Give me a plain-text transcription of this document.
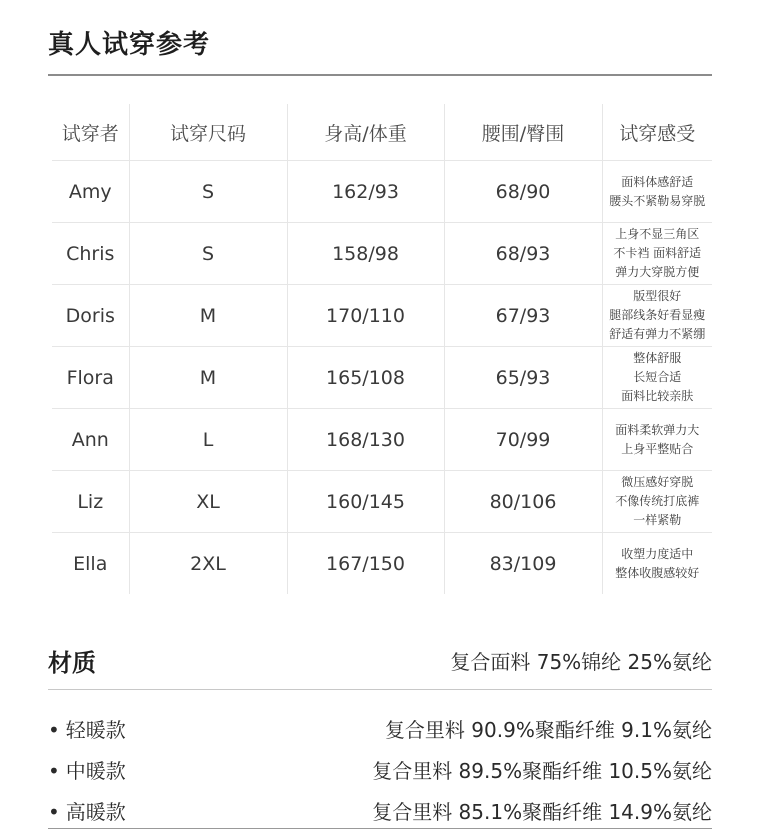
真人试穿参考
试穿者	试穿尺码	身高/体重	腰围/臀围	试穿感受
Amy	S	162/93	68/90	面料体感舒适
腰头不紧勒易穿脱

Chris	S	158/98	68/93	上身不显三角区
不卡裆 面料舒适
弹力大穿脱方便

Doris	M	170/110	67/93	版型很好
腿部线条好看显瘦
舒适有弹力不紧绷

Flora	M	165/108	65/93	整体舒服
长短合适
面料比较亲肤

Ann	L	168/130	70/99	面料柔软弹力大
上身平整贴合

Liz	XL	160/145	80/106	微压感好穿脱
不像传统打底裤
一样紧勒

Ella	2XL	167/150	83/109	收塑力度适中
整体收腹感较好
材质	复合面料 75%锦纶 25%氨纶
• 轻暖款	复合里料 90.9%聚酯纤维 9.1%氨纶
• 中暖款	复合里料 89.5%聚酯纤维 10.5%氨纶
• 高暖款	复合里料 85.1%聚酯纤维 14.9%氨纶
